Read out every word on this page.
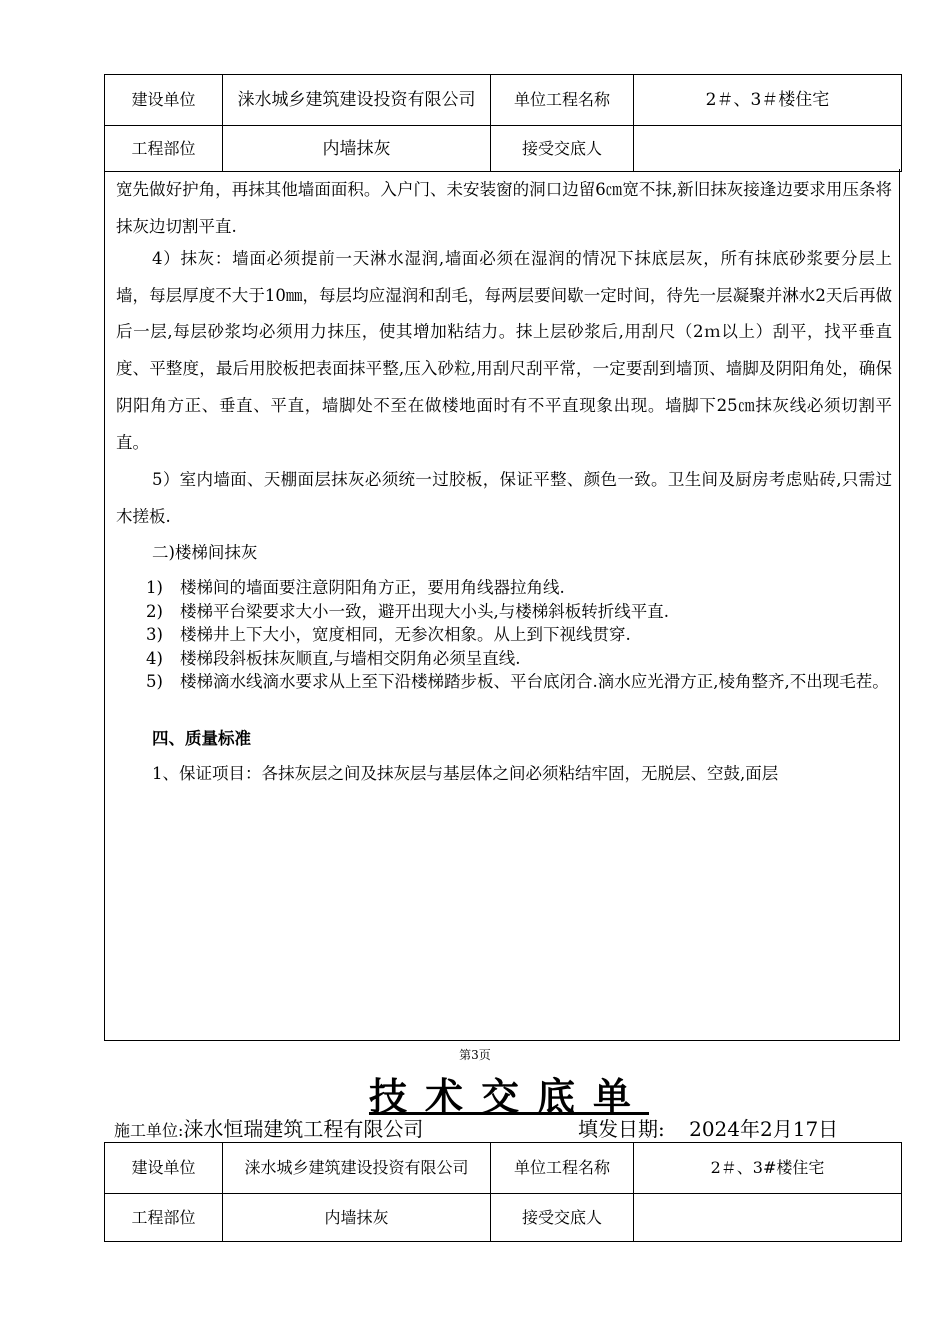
建设单位	涞水城乡建筑建设投资有限公司	单位工程名称	2＃、3＃楼住宅
工程部位	内墙抹灰	接受交底人	

宽先做好护角，再抹其他墙面面积。入户门、未安装窗的洞口边留6㎝宽不抹,新旧抹灰接逢边要求用压条将抹灰边切割平直.

4）抹灰：墙面必须提前一天淋水湿润,墙面必须在湿润的情况下抹底层灰，所有抹底砂浆要分层上墙，每层厚度不大于10㎜，每层均应湿润和刮毛，每两层要间歇一定时间，待先一层凝聚并淋水2天后再做后一层,每层砂浆均必须用力抹压，使其增加粘结力。抹上层砂浆后,用刮尺（2ｍ以上）刮平，找平垂直度、平整度，最后用胶板把表面抹平整,压入砂粒,用刮尺刮平常，一定要刮到墙顶、墙脚及阴阳角处，确保阴阳角方正、垂直、平直，墙脚处不至在做楼地面时有不平直现象出现。墙脚下25㎝抹灰线必须切割平直。

5）室内墙面、天棚面层抹灰必须统一过胶板，保证平整、颜色一致。卫生间及厨房考虑贴砖,只需过木搓板.

二)楼梯间抹灰
1)	楼梯间的墙面要注意阴阳角方正，要用角线器拉角线.
2)	楼梯平台梁要求大小一致，避开出现大小头,与楼梯斜板转折线平直.
3)	楼梯井上下大小，宽度相同，无参次相象。从上到下视线贯穿.
4)	楼梯段斜板抹灰顺直,与墙相交阴角必须呈直线.
5)	楼梯滴水线滴水要求从上至下沿楼梯踏步板、平台底闭合.滴水应光滑方正,棱角整齐,不出现毛茬。
四、质量标准
1、保证项目：各抹灰层之间及抹灰层与基层体之间必须粘结牢固，无脱层、空鼓,面层
第3页
技术交底单
施工单位:涞水恒瑞建筑工程有限公司	填发日期: 2024年2月17日
建设单位	涞水城乡建筑建设投资有限公司	单位工程名称	2＃、3#楼住宅
工程部位	内墙抹灰	接受交底人	
